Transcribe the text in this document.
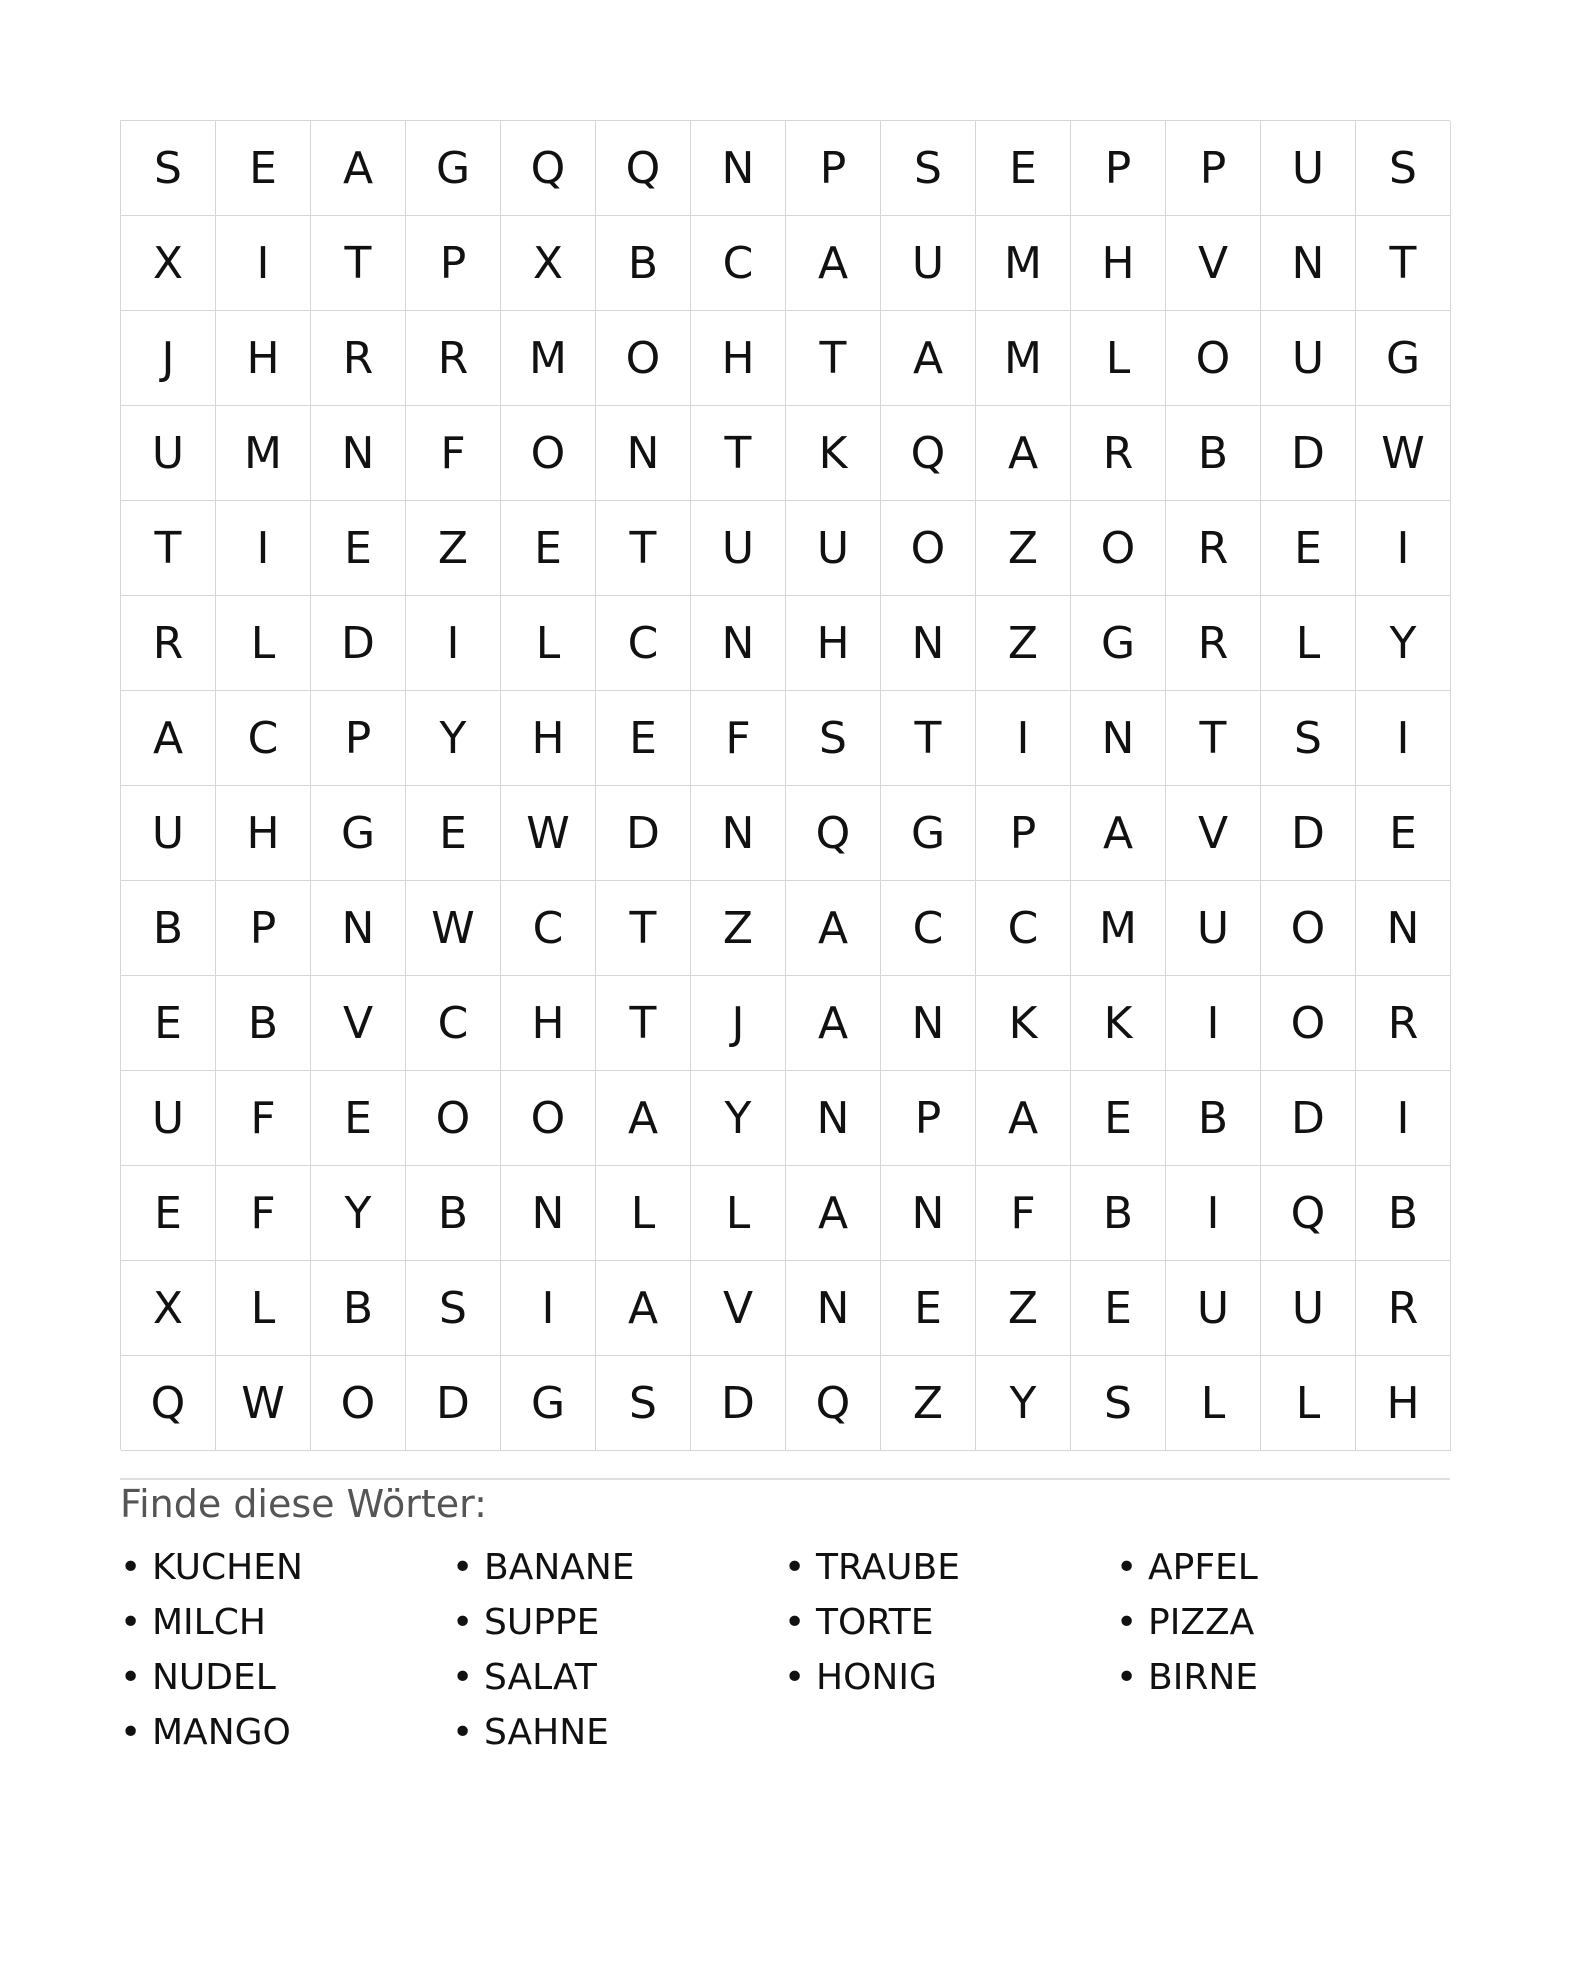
S	E	A	G	Q	Q	N	P	S	E	P	P	U	S
X	I	T	P	X	B	C	A	U	M	H	V	N	T
J	H	R	R	M	O	H	T	A	M	L	O	U	G
U	M	N	F	O	N	T	K	Q	A	R	B	D	W
T	I	E	Z	E	T	U	U	O	Z	O	R	E	I
R	L	D	I	L	C	N	H	N	Z	G	R	L	Y
A	C	P	Y	H	E	F	S	T	I	N	T	S	I
U	H	G	E	W	D	N	Q	G	P	A	V	D	E
B	P	N	W	C	T	Z	A	C	C	M	U	O	N
E	B	V	C	H	T	J	A	N	K	K	I	O	R
U	F	E	O	O	A	Y	N	P	A	E	B	D	I
E	F	Y	B	N	L	L	A	N	F	B	I	Q	B
X	L	B	S	I	A	V	N	E	Z	E	U	U	R
Q	W	O	D	G	S	D	Q	Z	Y	S	L	L	H
Finde diese Wörter:
• KUCHEN	• BANANE	• TRAUBE	• APFEL
• MILCH	• SUPPE	• TORTE	• PIZZA
• NUDEL	• SALAT	• HONIG	• BIRNE
• MANGO	• SAHNE
